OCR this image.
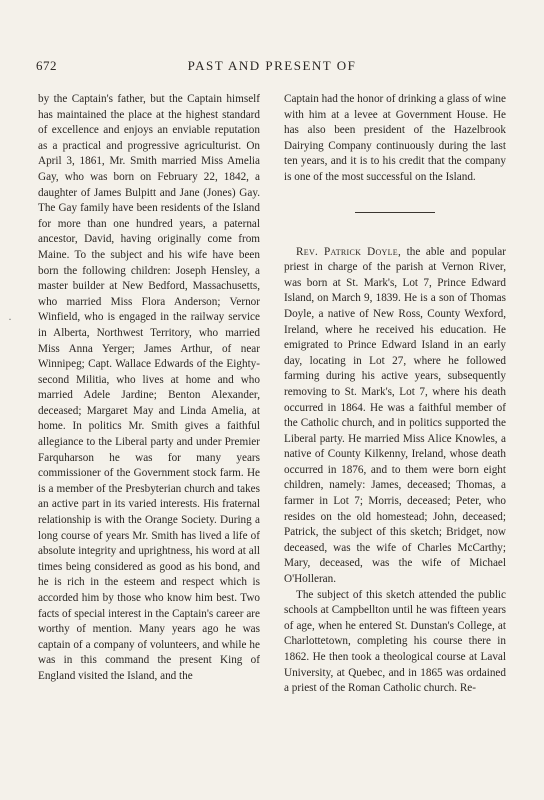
672	PAST AND PRESENT OF
·

by the Captain's father, but the Captain himself has maintained the place at the highest standard of excellence and enjoys an enviable reputation as a practical and progressive agriculturist. On April 3, 1861, Mr. Smith married Miss Amelia Gay, who was born on February 22, 1842, a daughter of James Bulpitt and Jane (Jones) Gay. The Gay family have been residents of the Island for more than one hundred years, a paternal ancestor, David, having originally come from Maine. To the subject and his wife have been born the following children: Joseph Hensley, a master builder at New Bedford, Massachusetts, who married Miss Flora Anderson; Vernor Winfield, who is engaged in the railway service in Alberta, Northwest Territory, who married Miss Anna Yerger; James Arthur, of near Winnipeg; Capt. Wallace Edwards of the Eighty-second Militia, who lives at home and who married Adele Jardine; Benton Alexander, deceased; Margaret May and Linda Amelia, at home. In politics Mr. Smith gives a faithful allegiance to the Liberal party and under Premier Farquharson he was for many years commissioner of the Government stock farm. He is a member of the Presbyterian church and takes an active part in its varied interests. His fraternal relationship is with the Orange Society. During a long course of years Mr. Smith has lived a life of absolute integrity and uprightness, his word at all times being considered as good as his bond, and he is rich in the esteem and respect which is accorded him by those who know him best. Two facts of special interest in the Captain's career are worthy of mention. Many years ago he was captain of a company of volunteers, and while he was in this command the present King of England visited the Island, and the

Captain had the honor of drinking a glass of wine with him at a levee at Government House. He has also been president of the Hazelbrook Dairying Company continuously during the last ten years, and it is to his credit that the company is one of the most successful on the Island.

Rev. Patrick Doyle, the able and popular priest in charge of the parish at Vernon River, was born at St. Mark's, Lot 7, Prince Edward Island, on March 9, 1839. He is a son of Thomas Doyle, a native of New Ross, County Wexford, Ireland, where he received his education. He emigrated to Prince Edward Island in an early day, locating in Lot 27, where he followed farming during his active years, subsequently removing to St. Mark's, Lot 7, where his death occurred in 1864. He was a faithful member of the Catholic church, and in politics supported the Liberal party. He married Miss Alice Knowles, a native of County Kilkenny, Ireland, whose death occurred in 1876, and to them were born eight children, namely: James, deceased; Thomas, a farmer in Lot 7; Morris, deceased; Peter, who resides on the old homestead; John, deceased; Patrick, the subject of this sketch; Bridget, now deceased, was the wife of Charles McCarthy; Mary, deceased, was the wife of Michael O'Holleran.

The subject of this sketch attended the public schools at Campbellton until he was fifteen years of age, when he entered St. Dunstan's College, at Charlottetown, completing his course there in 1862. He then took a theological course at Laval University, at Quebec, and in 1865 was ordained a priest of the Roman Catholic church. Re-
